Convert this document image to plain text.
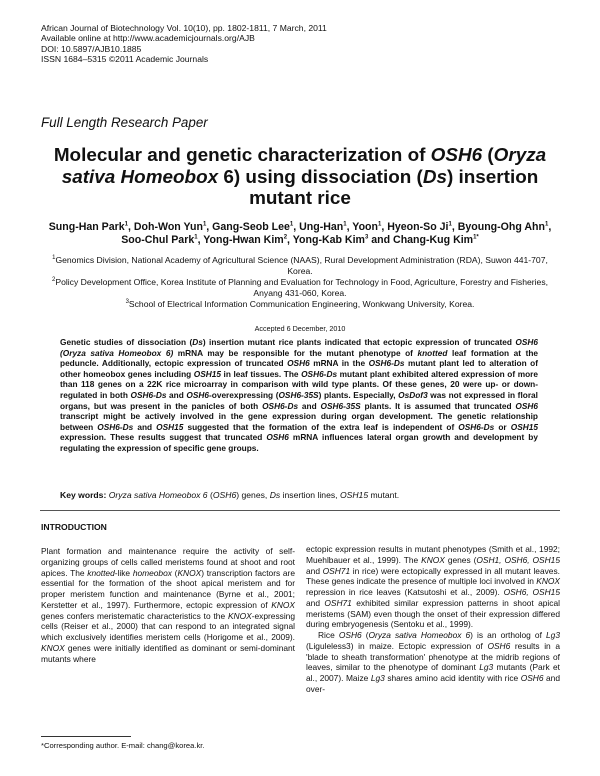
African Journal of Biotechnology Vol. 10(10), pp. 1802-1811, 7 March, 2011
Available online at http://www.academicjournals.org/AJB
DOI: 10.5897/AJB10.1885
ISSN 1684–5315 ©2011 Academic Journals
Full Length Research Paper
Molecular and genetic characterization of OSH6 (Oryza sativa Homeobox 6) using dissociation (Ds) insertion mutant rice
Sung-Han Park$^1$, Doh-Won Yun$^1$, Gang-Seob Lee$^1$, Ung-Han$^1$, Yoon$^1$, Hyeon-So Ji$^1$, Byoung-Ohg Ahn$^1$, Soo-Chul Park$^1$, Yong-Hwan Kim$^2$, Yong-Kab Kim$^3$ and Chang-Kug Kim$^{1*}$
$^1$Genomics Division, National Academy of Agricultural Science (NAAS), Rural Development Administration (RDA), Suwon 441-707, Korea.
$^2$Policy Development Office, Korea Institute of Planning and Evaluation for Technology in Food, Agriculture, Forestry and Fisheries, Anyang 431-060, Korea.
$^3$School of Electrical Information Communication Engineering, Wonkwang University, Korea.
Accepted 6 December, 2010
Genetic studies of dissociation (Ds) insertion mutant rice plants indicated that ectopic expression of truncated OSH6 (Oryza sativa Homeobox 6) mRNA may be responsible for the mutant phenotype of knotted leaf formation at the peduncle. Additionally, ectopic expression of truncated OSH6 mRNA in the OSH6-Ds mutant plant led to alteration of other homeobox genes including OSH15 in leaf tissues. The OSH6-Ds mutant plant exhibited altered expression of more than 118 genes on a 22K rice microarray in comparison with wild type plants. Of these genes, 20 were up- or down-regulated in both OSH6-Ds and OSH6-overexpressing (OSH6-35S) plants. Especially, OsDof3 was not expressed in floral organs, but was present in the panicles of both OSH6-Ds and OSH6-35S plants. It is assumed that truncated OSH6 transcript might be actively involved in the gene expression during organ development. The genetic relationship between OSH6-Ds and OSH15 suggested that the formation of the extra leaf is independent of OSH6-Ds or OSH15 expression. These results suggest that truncated OSH6 mRNA influences lateral organ growth and development by regulating the expression of specific gene groups.
Key words: Oryza sativa Homeobox 6 (OSH6) genes, Ds insertion lines, OSH15 mutant.
INTRODUCTION

Plant formation and maintenance require the activity of self-organizing groups of cells called meristems found at shoot and root apices. The knotted-like homeobox (KNOX) transcription factors are essential for the formation of the shoot apical meristem and for proper meristem function and maintenance (Byrne et al., 2001; Kerstetter et al., 1997). Furthermore, ectopic expression of KNOX genes confers meristematic characteristics to the KNOX-expressing cells (Reiser et al., 2000) that can respond to an integrated signal which exclusively identifies meristem cells (Horigome et al., 2009). KNOX genes were initially identified as dominant or semi-dominant mutants where

ectopic expression results in mutant phenotypes (Smith et al., 1992; Muehlbauer et al., 1999). The KNOX genes (OSH1, OSH6, OSH15 and OSH71 in rice) were ectopically expressed in all mutant leaves. These genes indicate the presence of multiple loci involved in KNOX repression in rice leaves (Katsutoshi et al., 2009). OSH6, OSH15 and OSH71 exhibited similar expression patterns in shoot apical meristems (SAM) even though the onset of their expression differed during embryogenesis (Sentoku et al., 1999).

Rice OSH6 (Oryza sativa Homeobox 6) is an ortholog of Lg3 (Liguleless3) in maize. Ectopic expression of OSH6 results in a 'blade to sheath transformation' phenotype at the midrib regions of leaves, similar to the phenotype of dominant Lg3 mutants (Park et al., 2007). Maize Lg3 shares amino acid identity with rice OSH6 and over-

*Corresponding author. E-mail: chang@korea.kr.
